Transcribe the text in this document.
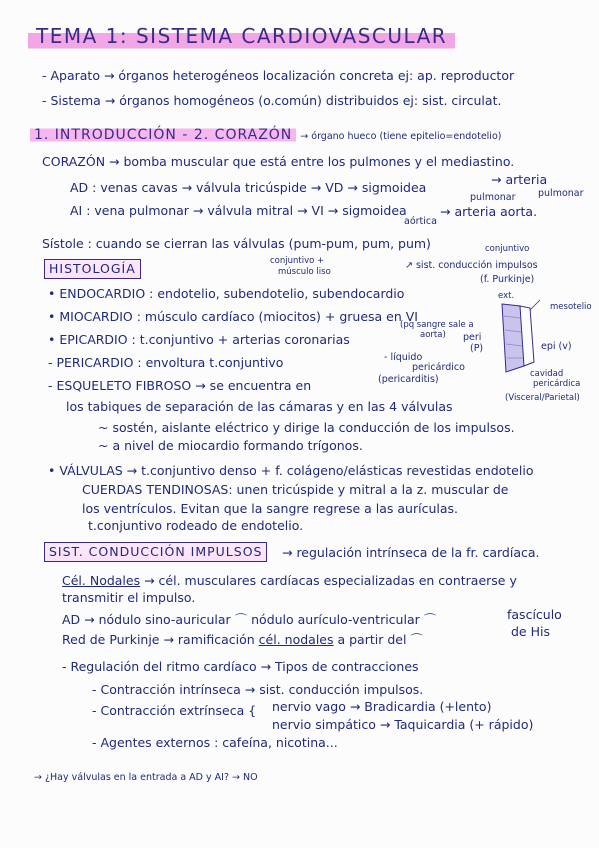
TEMA 1: SISTEMA CARDIOVASCULAR
- Aparato → órganos heterogéneos localización concreta ej: ap. reproductor
- Sistema → órganos homogéneos (o.común) distribuidos ej: sist. circulat.
1. INTRODUCCIÓN - 2. CORAZÓN → órgano hueco (tiene epitelio=endotelio)
CORAZÓN → bomba muscular que está entre los pulmones y el mediastino.
AD : venas cavas → válvula tricúspide → VD → sigmoidea
→ arteria
pulmonar pulmonar
AI : vena pulmonar → válvula mitral → VI → sigmoidea
aórtica
→ arteria aorta.
Sístole : cuando se cierran las válvulas (pum-pum, pum, pum)
HISTOLOGÍA	conjuntivo +
músculo liso
conjuntivo
↗ sist. conducción impulsos
(f. Purkinje)
• ENDOCARDIO : endotelio, subendotelio, subendocardio	ext.
mesotelio
• MIOCARDIO : músculo cardíaco (miocitos) + gruesa en VI
• EPICARDIO : t.conjuntivo + arterias coronarias
(pq sangre sale a
aorta) peri
(P)	epi (v)
- PERICARDIO : envoltura t.conjuntivo	- líquido
pericárdico
(pericarditis)	cavidad
pericárdica
(Visceral/Parietal)
- ESQUELETO FIBROSO → se encuentra en
los tabiques de separación de las cámaras y en las 4 válvulas
~ sostén, aislante eléctrico y dirige la conducción de los impulsos.
~ a nivel de miocardio formando trígonos.
• VÁLVULAS → t.conjuntivo denso + f. colágeno/elásticas revestidas endotelio
CUERDAS TENDINOSAS: unen tricúspide y mitral a la z. muscular de
los ventrículos. Evitan que la sangre regrese a las aurículas.
t.conjuntivo rodeado de endotelio.
SIST. CONDUCCIÓN IMPULSOS	→ regulación intrínseca de la fr. cardíaca.
Cél. Nodales → cél. musculares cardíacas especializadas en contraerse y
transmitir el impulso.
AD → nódulo sino-auricular ⌒ nódulo aurículo-ventricular ⌒	fascículo
de His
Red de Purkinje → ramificación cél. nodales a partir del ⌒
- Regulación del ritmo cardíaco → Tipos de contracciones
- Contracción intrínseca → sist. conducción impulsos.
- Contracción extrínseca { nervio vago → Bradicardia (+lento)
nervio simpático → Taquicardia (+ rápido)
- Agentes externos : cafeína, nicotina...
→ ¿Hay válvulas en la entrada a AD y AI? → NO
